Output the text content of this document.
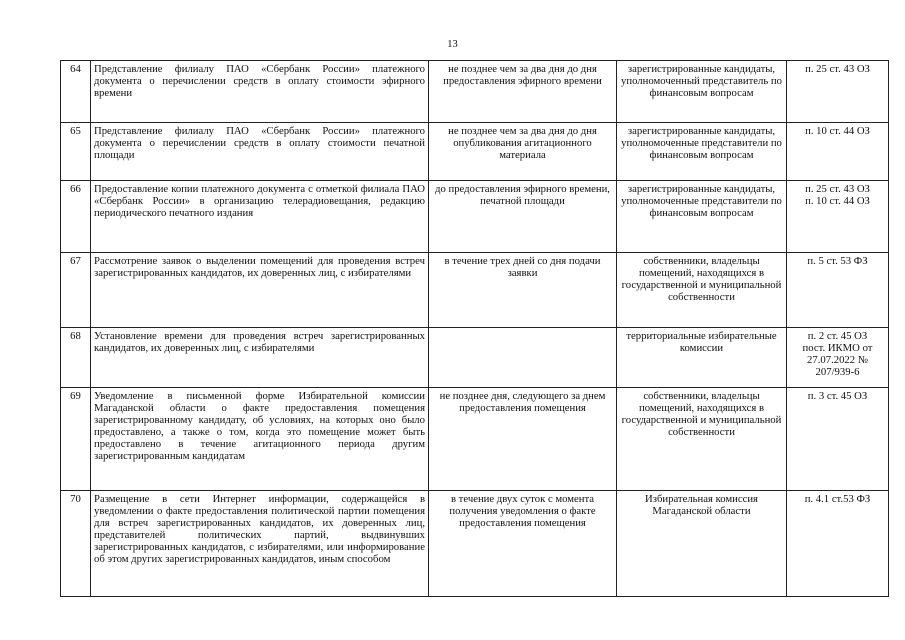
13
64	Представление филиалу ПАО «Сбербанк России» платежного документа о перечислении средств в оплату стоимости эфирного времени	не позднее чем за два дня до дня предоставления эфирного времени	зарегистрированные кандидаты, уполномоченный представитель по финансовым вопросам	п. 25 ст. 43 ОЗ

65	Представление филиалу ПАО «Сбербанк России» платежного документа о перечислении средств в оплату стоимости печатной площади	не позднее чем за два дня до дня опубликования агитационного материала	зарегистрированные кандидаты, уполномоченные представители по финансовым вопросам	п. 10 ст. 44 ОЗ

66	Предоставление копии платежного документа с отметкой филиала ПАО «Сбербанк России» в организацию телерадиовещания, редакцию периодического печатного издания	до предоставления эфирного времени, печатной площади	зарегистрированные кандидаты, уполномоченные представители по финансовым вопросам	п. 25 ст. 43 ОЗ
п. 10 ст. 44 ОЗ

67	Рассмотрение заявок о выделении помещений для проведения встреч зарегистрированных кандидатов, их доверенных лиц, с избирателями	в течение трех дней со дня подачи заявки	собственники, владельцы помещений, находящихся в государственной и муниципальной собственности	п. 5 ст. 53 ФЗ

68	Установление времени для проведения встреч зарегистрированных кандидатов, их доверенных лиц, с избирателями		территориальные избирательные комиссии	п. 2 ст. 45 ОЗ
пост. ИКМО от 27.07.2022 № 207/939-6

69	Уведомление в письменной форме Избирательной комиссии Магаданской области о факте предоставления помещения зарегистрированному кандидату, об условиях, на которых оно было предоставлено, а также о том, когда это помещение может быть предоставлено в течение агитационного периода другим зарегистрированным кандидатам	не позднее дня, следующего за днем предоставления помещения	собственники, владельцы помещений, находящихся в государственной и муниципальной собственности	п. 3 ст. 45 ОЗ

70	Размещение в сети Интернет информации, содержащейся в уведомлении о факте предоставления политической партии помещения для встреч зарегистрированных кандидатов, их доверенных лиц, представителей политических партий, выдвинувших зарегистрированных кандидатов, с избирателями, или информирование об этом других зарегистрированных кандидатов, иным способом	в течение двух суток с момента получения уведомления о факте предоставления помещения	Избирательная комиссия Магаданской области	п. 4.1 ст.53 ФЗ
